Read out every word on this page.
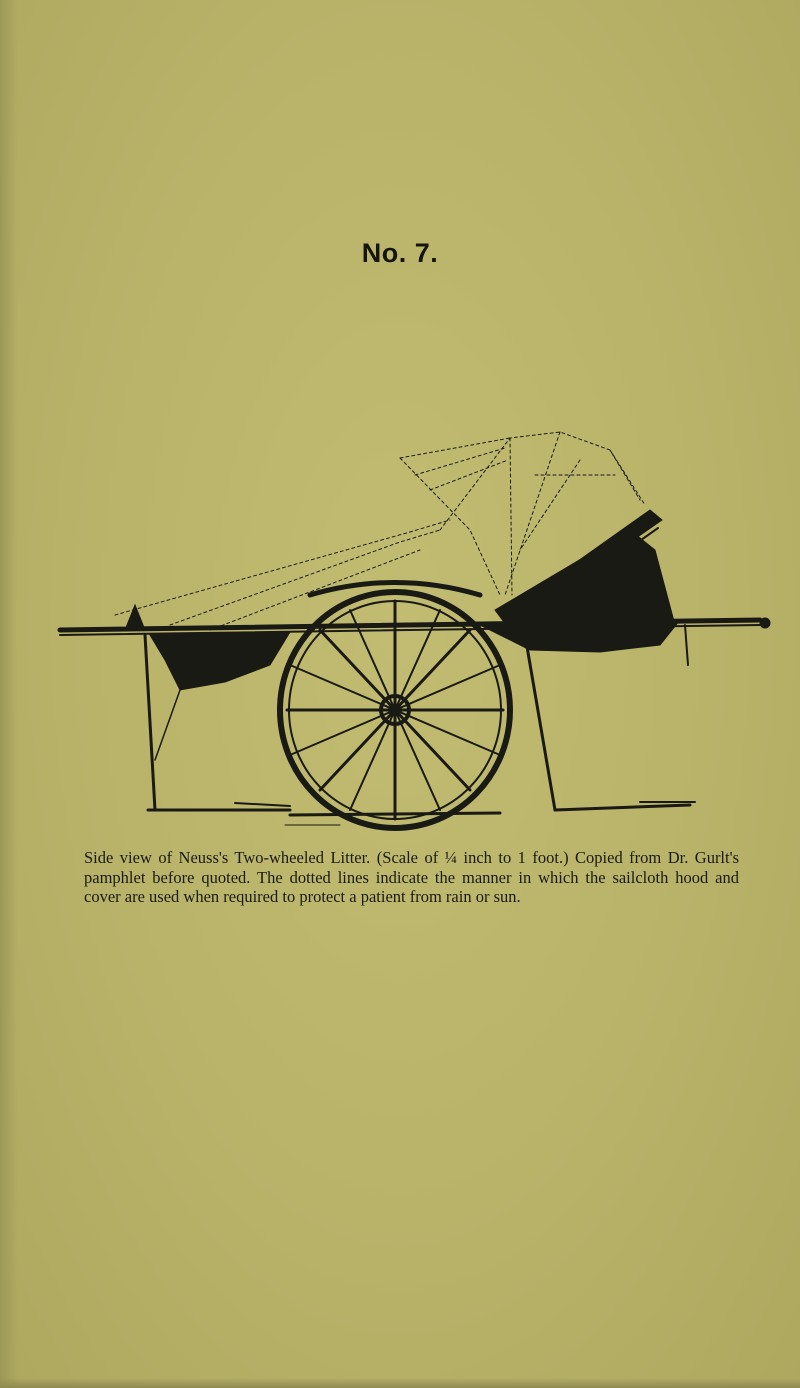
No. 7.
Side view of Neuss's Two-wheeled Litter. (Scale of ¼ inch to 1 foot.) Copied from Dr. Gurlt's pamphlet before quoted. The dotted lines indicate the manner in which the sailcloth hood and cover are used when required to protect a patient from rain or sun.
